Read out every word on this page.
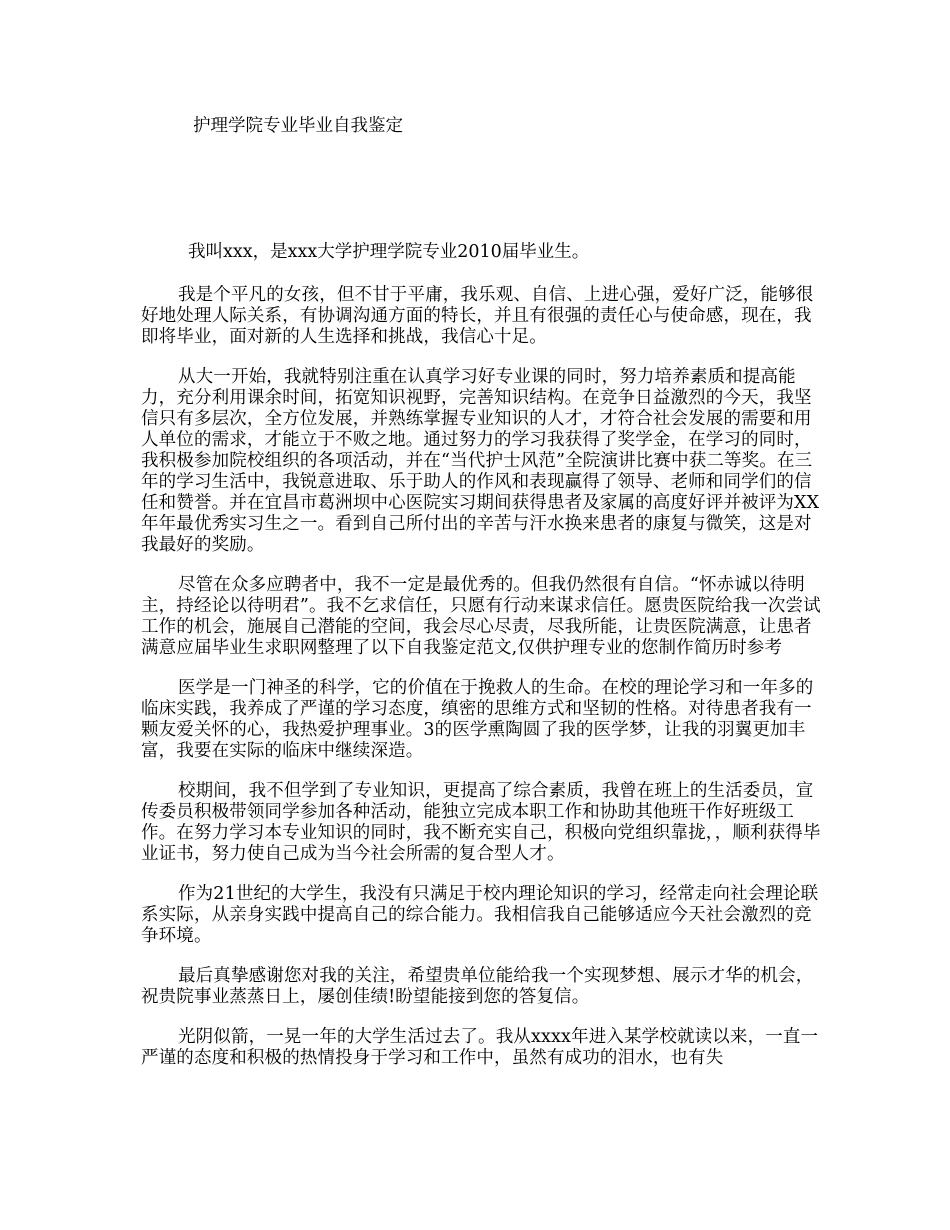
护理学院专业毕业自我鉴定

我叫xxx，是xxx大学护理学院专业2010届毕业生。

我是个平凡的女孩，但不甘于平庸，我乐观、自信、上进心强，爱好广泛，能够很好地处理人际关系，有协调沟通方面的特长，并且有很强的责任心与使命感，现在，我即将毕业，面对新的人生选择和挑战，我信心十足。

从大一开始，我就特别注重在认真学习好专业课的同时，努力培养素质和提高能力，充分利用课余时间，拓宽知识视野，完善知识结构。在竞争日益激烈的今天，我坚信只有多层次，全方位发展，并熟练掌握专业知识的人才，才符合社会发展的需要和用人单位的需求，才能立于不败之地。通过努力的学习我获得了奖学金，在学习的同时，我积极参加院校组织的各项活动，并在“当代护士风范”全院演讲比赛中获二等奖。在三年的学习生活中，我锐意进取、乐于助人的作风和表现赢得了领导、老师和同学们的信任和赞誉。并在宜昌市葛洲坝中心医院实习期间获得患者及家属的高度好评并被评为XX年年最优秀实习生之一。看到自己所付出的辛苦与汗水换来患者的康复与微笑，这是对我最好的奖励。

尽管在众多应聘者中，我不一定是最优秀的。但我仍然很有自信。“怀赤诚以待明主，持经论以待明君”。我不乞求信任，只愿有行动来谋求信任。愿贵医院给我一次尝试工作的机会，施展自己潜能的空间，我会尽心尽责，尽我所能，让贵医院满意，让患者满意应届毕业生求职网整理了以下自我鉴定范文,仅供护理专业的您制作简历时参考

医学是一门神圣的科学，它的价值在于挽救人的生命。在校的理论学习和一年多的临床实践，我养成了严谨的学习态度，缜密的思维方式和坚韧的性格。对待患者我有一颗友爱关怀的心，我热爱护理事业。3的医学熏陶圆了我的医学梦，让我的羽翼更加丰富，我要在实际的临床中继续深造。

校期间，我不但学到了专业知识，更提高了综合素质，我曾在班上的生活委员，宣传委员积极带领同学参加各种活动，能独立完成本职工作和协助其他班干作好班级工作。在努力学习本专业知识的同时，我不断充实自己，积极向党组织靠拢，，顺利获得毕业证书，努力使自己成为当今社会所需的复合型人才。

作为21世纪的大学生，我没有只满足于校内理论知识的学习，经常走向社会理论联系实际，从亲身实践中提高自己的综合能力。我相信我自己能够适应今天社会激烈的竞争环境。

最后真挚感谢您对我的关注，希望贵单位能给我一个实现梦想、展示才华的机会，祝贵院事业蒸蒸日上，屡创佳绩!盼望能接到您的答复信。

光阴似箭，一晃一年的大学生活过去了。我从xxxx年进入某学校就读以来，一直一严谨的态度和积极的热情投身于学习和工作中，虽然有成功的泪水，也有失
